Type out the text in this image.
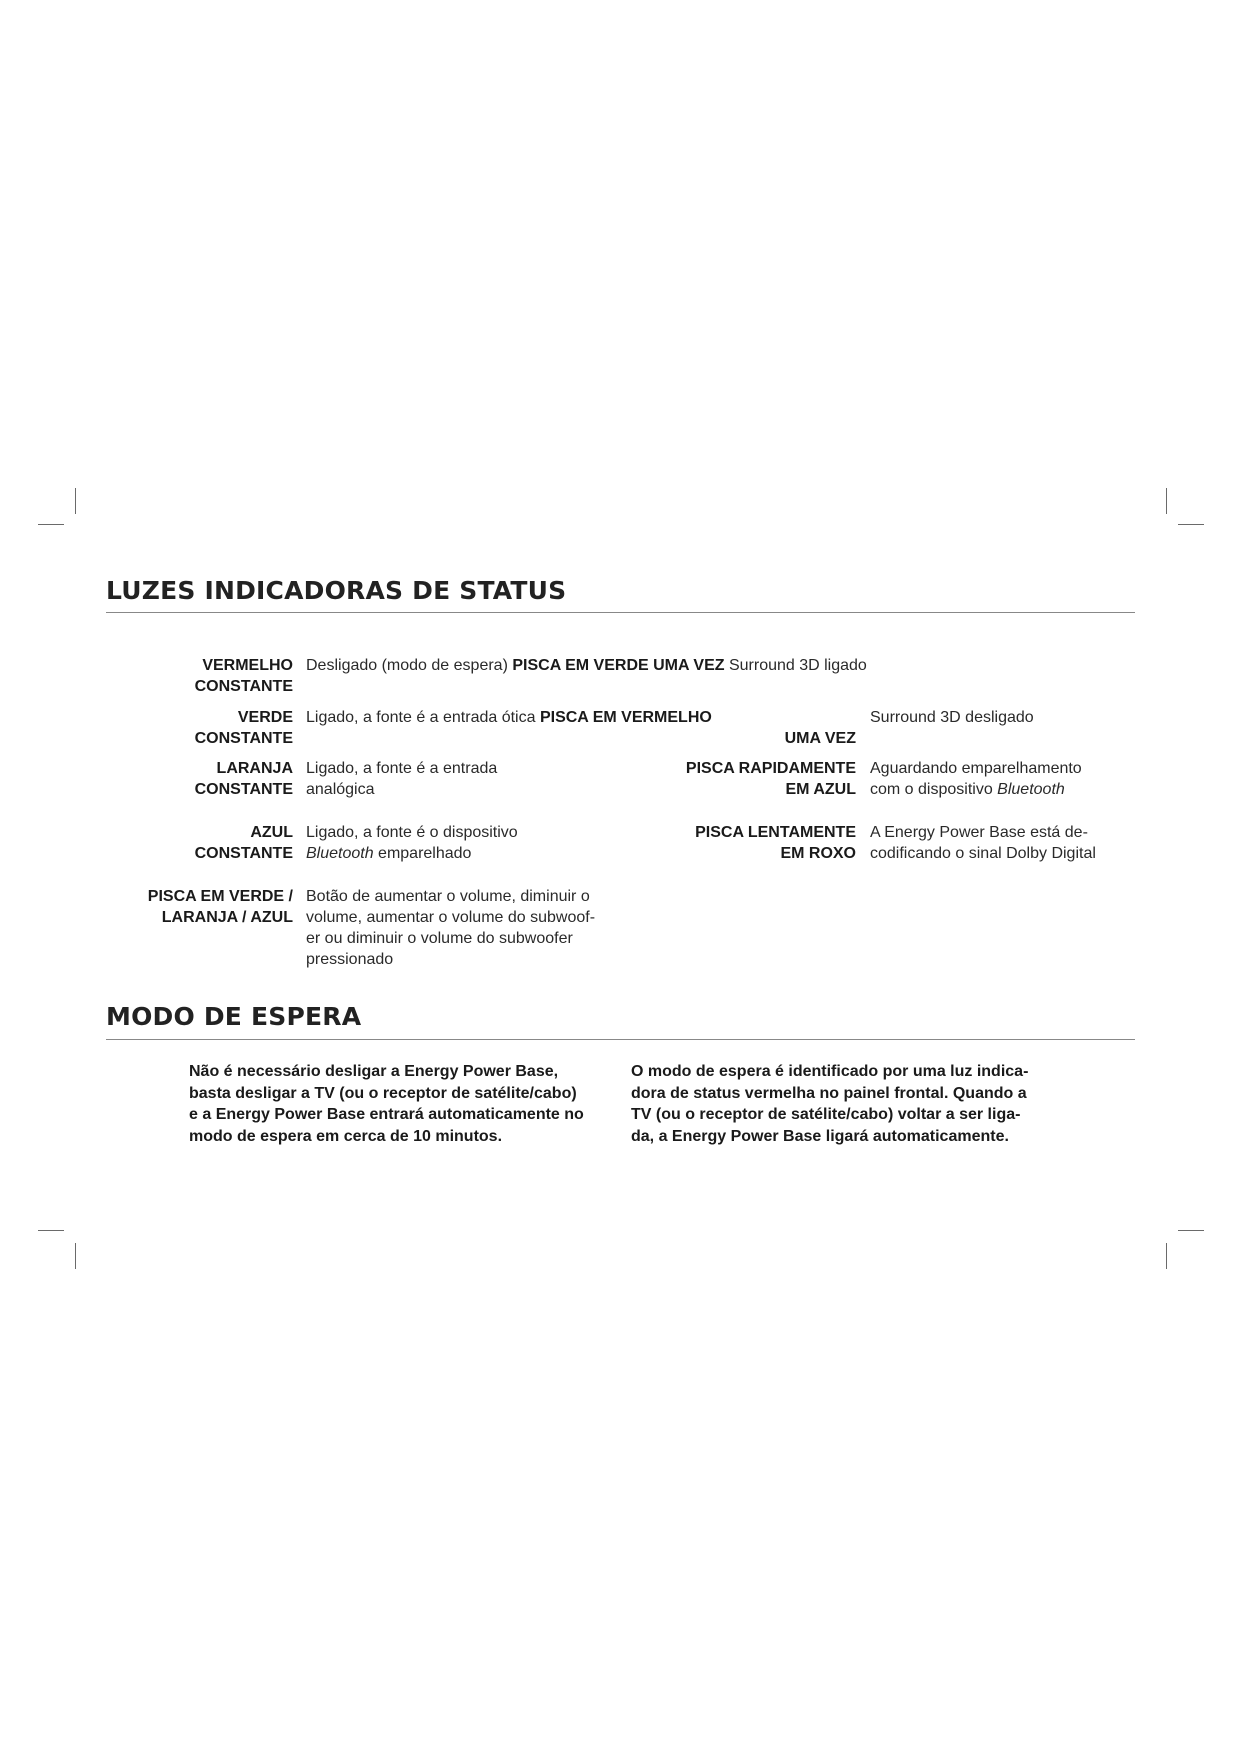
LUZES INDICADORAS DE STATUS
VERMELHO
CONSTANTE
Desligado (modo de espera) PISCA EM VERDE UMA VEZ Surround 3D ligado
VERDE
CONSTANTE
Ligado, a fonte é a entrada ótica PISCA EM VERMELHO
UMA VEZ
Surround 3D desligado
LARANJA
CONSTANTE
Ligado, a fonte é a entrada
analógica
PISCA RAPIDAMENTE
EM AZUL
Aguardando emparelhamento
com o dispositivo Bluetooth
AZUL
CONSTANTE
Ligado, a fonte é o dispositivo
Bluetooth emparelhado
PISCA LENTAMENTE
EM ROXO
A Energy Power Base está de-
codificando o sinal Dolby Digital
PISCA EM VERDE /
LARANJA / AZUL
Botão de aumentar o volume, diminuir o
volume, aumentar o volume do subwoof-
er ou diminuir o volume do subwoofer
pressionado
MODO DE ESPERA
Não é necessário desligar a Energy Power Base,
basta desligar a TV (ou o receptor de satélite/cabo)
e a Energy Power Base entrará automaticamente no
modo de espera em cerca de 10 minutos.
O modo de espera é identificado por uma luz indica-
dora de status vermelha no painel frontal. Quando a
TV (ou o receptor de satélite/cabo) voltar a ser liga-
da, a Energy Power Base ligará automaticamente.
